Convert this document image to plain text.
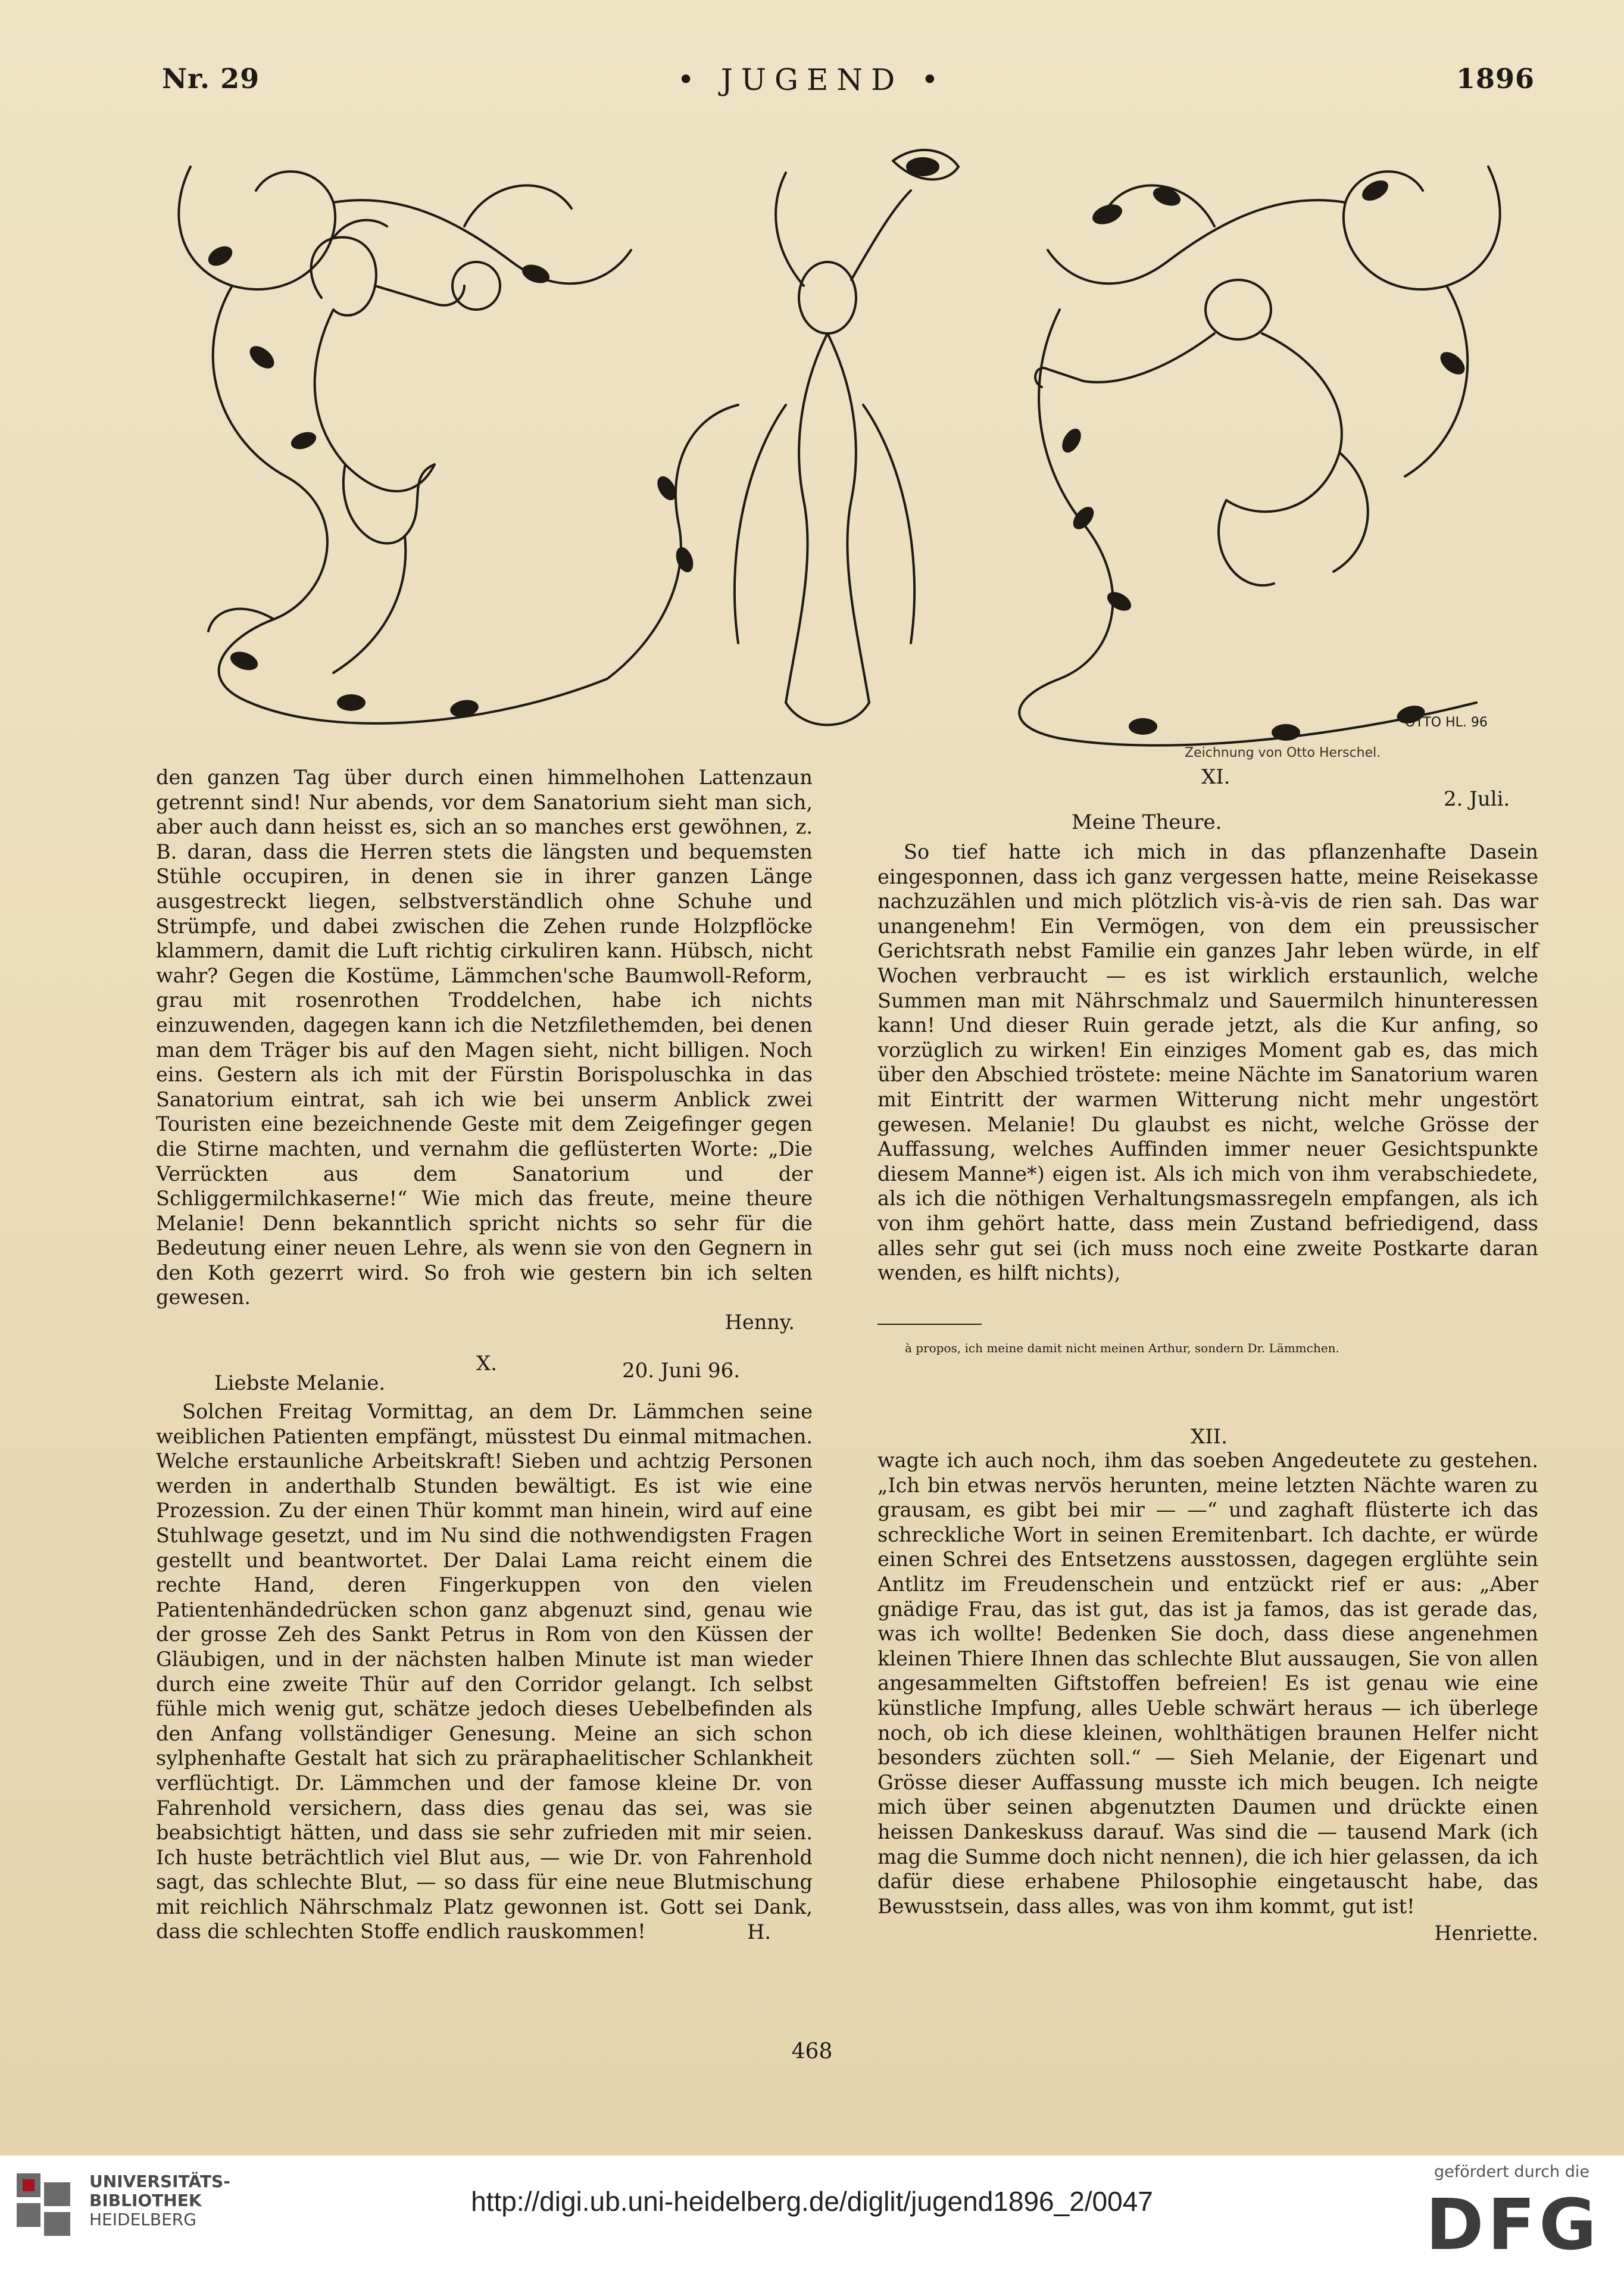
Nr. 29	• JUGEND •	1896
OTTO HL. 96
Zeichnung von Otto Herschel.

den ganzen Tag über durch einen himmelhohen Lattenzaun getrennt sind! Nur abends, vor dem Sanatorium sieht man sich, aber auch dann heisst es, sich an so manches erst gewöhnen, z. B. daran, dass die Herren stets die längsten und bequemsten Stühle occupiren, in denen sie in ihrer ganzen Länge ausgestreckt liegen, selbstverständlich ohne Schuhe und Strümpfe, und dabei zwischen die Zehen runde Holzpflöcke klammern, damit die Luft richtig cirkuliren kann. Hübsch, nicht wahr? Gegen die Kostüme, Lämmchen'sche Baumwoll-Reform, grau mit rosenrothen Troddelchen, habe ich nichts einzuwenden, dagegen kann ich die Netzfilethemden, bei denen man dem Träger bis auf den Magen sieht, nicht billigen. Noch eins. Gestern als ich mit der Fürstin Borispoluschka in das Sanatorium eintrat, sah ich wie bei unserm Anblick zwei Touristen eine bezeichnende Geste mit dem Zeigefinger gegen die Stirne machten, und vernahm die geflüsterten Worte: „Die Verrückten aus dem Sanatorium und der Schliggermilchkaserne!“ Wie mich das freute, meine theure Melanie! Denn bekanntlich spricht nichts so sehr für die Bedeutung einer neuen Lehre, als wenn sie von den Gegnern in den Koth gezerrt wird. So froh wie gestern bin ich selten gewesen.

Henny.

X.
Liebste Melanie.
20. Juni 96.

Solchen Freitag Vormittag, an dem Dr. Lämmchen seine weiblichen Patienten empfängt, müsstest Du einmal mitmachen. Welche erstaunliche Arbeitskraft! Sieben und achtzig Personen werden in anderthalb Stunden bewältigt. Es ist wie eine Prozession. Zu der einen Thür kommt man hinein, wird auf eine Stuhlwage gesetzt, und im Nu sind die nothwendigsten Fragen gestellt und beantwortet. Der Dalai Lama reicht einem die rechte Hand, deren Fingerkuppen von den vielen Patientenhändedrücken schon ganz abgenuzt sind, genau wie der grosse Zeh des Sankt Petrus in Rom von den Küssen der Gläubigen, und in der nächsten halben Minute ist man wieder durch eine zweite Thür auf den Corridor gelangt. Ich selbst fühle mich wenig gut, schätze jedoch dieses Uebelbefinden als den Anfang vollständiger Genesung. Meine an sich schon sylphenhafte Gestalt hat sich zu präraphaelitischer Schlankheit verflüchtigt. Dr. Lämmchen und der famose kleine Dr. von Fahrenhold versichern, dass dies genau das sei, was sie beabsichtigt hätten, und dass sie sehr zufrieden mit mir seien. Ich huste beträchtlich viel Blut aus, — wie Dr. von Fahrenhold sagt, das schlechte Blut, — so dass für eine neue Blutmischung mit reichlich Nährschmalz Platz gewonnen ist. Gott sei Dank, dass die schlechten Stoffe endlich rauskommen!	H.

XI.
2. Juli.
Meine Theure.

So tief hatte ich mich in das pflanzenhafte Dasein eingesponnen, dass ich ganz vergessen hatte, meine Reisekasse nachzuzählen und mich plötzlich vis-à-vis de rien sah. Das war unangenehm! Ein Vermögen, von dem ein preussischer Gerichtsrath nebst Familie ein ganzes Jahr leben würde, in elf Wochen verbraucht — es ist wirklich erstaunlich, welche Summen man mit Nährschmalz und Sauermilch hinunteressen kann! Und dieser Ruin gerade jetzt, als die Kur anfing, so vorzüglich zu wirken! Ein einziges Moment gab es, das mich über den Abschied tröstete: meine Nächte im Sanatorium waren mit Eintritt der warmen Witterung nicht mehr ungestört gewesen. Melanie! Du glaubst es nicht, welche Grösse der Auffassung, welches Auffinden immer neuer Gesichtspunkte diesem Manne*) eigen ist. Als ich mich von ihm verabschiedete, als ich die nöthigen Verhaltungsmassregeln empfangen, als ich von ihm gehört hatte, dass mein Zustand befriedigend, dass alles sehr gut sei (ich muss noch eine zweite Postkarte daran wenden, es hilft nichts),

à propos, ich meine damit nicht meinen Arthur, sondern Dr. Lämmchen.
XII.

wagte ich auch noch, ihm das soeben Angedeutete zu gestehen. „Ich bin etwas nervös herunten, meine letzten Nächte waren zu grausam, es gibt bei mir — —“ und zaghaft flüsterte ich das schreckliche Wort in seinen Eremitenbart. Ich dachte, er würde einen Schrei des Entsetzens ausstossen, dagegen erglühte sein Antlitz im Freudenschein und entzückt rief er aus: „Aber gnädige Frau, das ist gut, das ist ja famos, das ist gerade das, was ich wollte! Bedenken Sie doch, dass diese angenehmen kleinen Thiere Ihnen das schlechte Blut aussaugen, Sie von allen angesammelten Giftstoffen befreien! Es ist genau wie eine künstliche Impfung, alles Ueble schwärt heraus — ich überlege noch, ob ich diese kleinen, wohlthätigen braunen Helfer nicht besonders züchten soll.“ — Sieh Melanie, der Eigenart und Grösse dieser Auffassung musste ich mich beugen. Ich neigte mich über seinen abgenutzten Daumen und drückte einen heissen Dankeskuss darauf. Was sind die — tausend Mark (ich mag die Summe doch nicht nennen), die ich hier gelassen, da ich dafür diese erhabene Philosophie eingetauscht habe, das Bewusstsein, dass alles, was von ihm kommt, gut ist!

Henriette.

468
UNIVERSITÄTS-
BIBLIOTHEK
HEIDELBERG
http://digi.ub.uni-heidelberg.de/diglit/jugend1896_2/0047
gefördert durch die
DFG
